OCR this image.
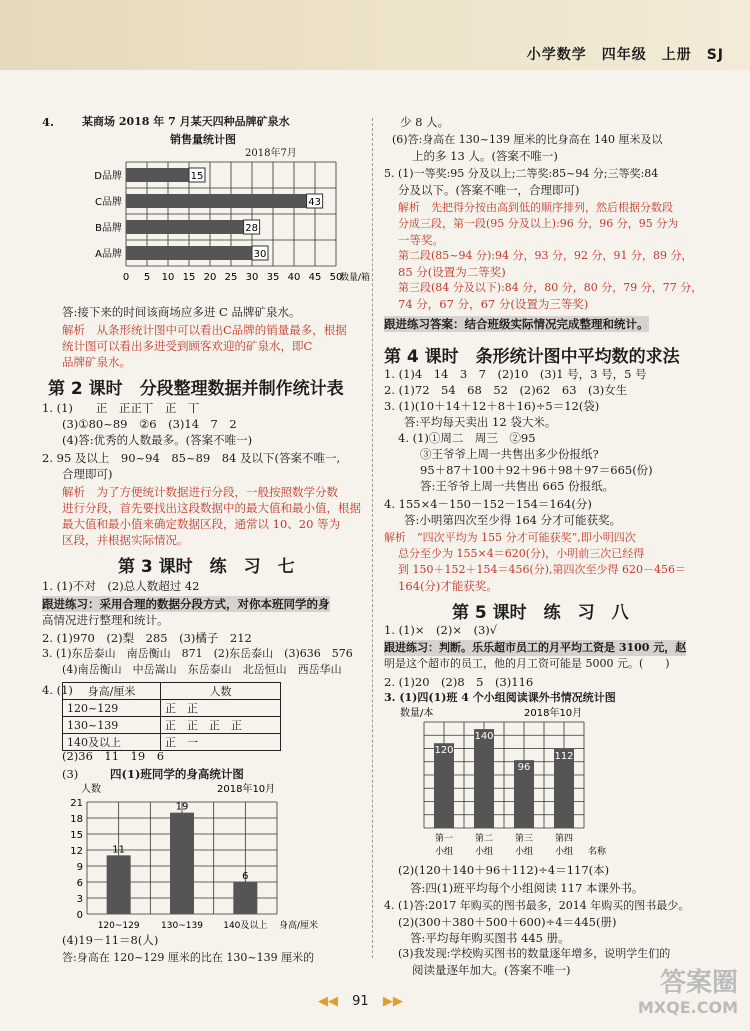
小学数学　四年级　上册　SJ
4.	某商场 2018 年 7 月某天四种品牌矿泉水
销售量统计图
2018年7月
0 5 10 15 20 25 30 35 40 45 50
A品牌	30
B品牌	28
C品牌	43
D品牌	15
数量/箱
答:接下来的时间该商场应多进 C 品牌矿泉水。
解析　从条形统计图中可以看出C品牌的销量最多，根据
统计图可以看出多进受到顾客欢迎的矿泉水，即C
品牌矿泉水。
第 2 课时　分段整理数据并制作统计表
1. (1)　　正　正正丅　正　丅
(3)①80~89　②6　(3)14　7　2
(4)答:优秀的人数最多。(答案不唯一)
2. 95 及以上　90~94　85~89　84 及以下(答案不唯一,
合理即可)
解析　为了方便统计数据进行分段，一般按照数学分数
进行分段，首先要找出这段数据中的最大值和最小值，根据
最大值和最小值来确定数据区段，通常以 10、20 等为
区段，并根据实际情况。
第 3 课时　练　习　七
1. (1)不对　(2)总人数超过 42
跟进练习：采用合理的数据分段方式，对你本班同学的身
高情况进行整理和统计。
2. (1)970　(2)梨　285　(3)橘子　212
3. (1)东岳泰山　南岳衡山　871　(2)东岳泰山　(3)636　576
(4)南岳衡山　中岳嵩山　东岳泰山　北岳恒山　西岳华山
4. (1) 身高/厘米	人数
120~129	正　正
130~139	正　正　正　正
140及以上	正　一
(2)36　11　19　6
(3)	四(1)班同学的身高统计图
人数	2018年10月
0
3
6
9
12
15
18
21
11
120~129
19
130~139
6
140及以上 身高/厘米
(4)19－11＝8(人)
答:身高在 120~129 厘米的比在 130~139 厘米的
少 8 人。
(6)答:身高在 130~139 厘米的比身高在 140 厘米及以
上的多 13 人。(答案不唯一)
5. (1)一等奖:95 分及以上;二等奖:85~94 分;三等奖:84
分及以下。(答案不唯一，合理即可)
解析　先把得分按由高到低的顺序排列，然后根据分数段
分成三段，第一段(95 分及以上):96 分，96 分，95 分为
一等奖。
第二段(85~94 分):94 分，93 分，92 分，91 分，89 分，
85 分(设置为二等奖)
第三段(84 分及以下):84 分，80 分，80 分，79 分，77 分，
74 分，67 分，67 分(设置为三等奖)
跟进练习答案：结合班级实际情况完成整理和统计。
第 4 课时　条形统计图中平均数的求法
1. (1)4　14　3　7　(2)10　(3)1 号，3 号，5 号
2. (1)72　54　68　52　(2)62　63　(3)女生
3. (1)(10＋14＋12＋8＋16)÷5＝12(袋)
答:平均每天卖出 12 袋大米。
4. (1)①周二　周三　②95
③王爷爷上周一共售出多少份报纸?
95＋87＋100＋92＋96＋98＋97＝665(份)
答:王爷爷上周一共售出 665 份报纸。
4. 155×4－150－152－154＝164(分)
答:小明第四次至少得 164 分才可能获奖。
解析　“四次平均为 155 分才可能获奖”,即小明四次
总分至少为 155×4＝620(分)，小明前三次已经得
到 150＋152＋154＝456(分),第四次至少得 620－456＝
164(分)才能获奖。
第 5 课时　练　习　八
1. (1)×　(2)×　(3)√
跟进练习：判断。乐乐超市员工的月平均工资是 3100 元，赵
明是这个超市的员工，他的月工资可能是 5000 元。(　　)
2. (1)20　(2)8　5　(3)116
3. (1)四(1)班 4 个小组阅读课外书情况统计图
数量/本	2018年10月
120
第一
小组
140
第二
小组
96
第三
小组
112
第四
小组 名称
(2)(120＋140＋96＋112)÷4＝117(本)
答:四(1)班平均每个小组阅读 117 本课外书。
4. (1)答:2017 年购买的图书最多，2014 年购买的图书最少。
(2)(300＋380＋500＋600)÷4＝445(册)
答:平均每年购买图书 445 册。
(3)我发现:学校购买图书的数量逐年增多，说明学生们的
阅读量逐年加大。(答案不唯一)
◀◀ 91 ▶▶
答案圈
MXQE.COM
